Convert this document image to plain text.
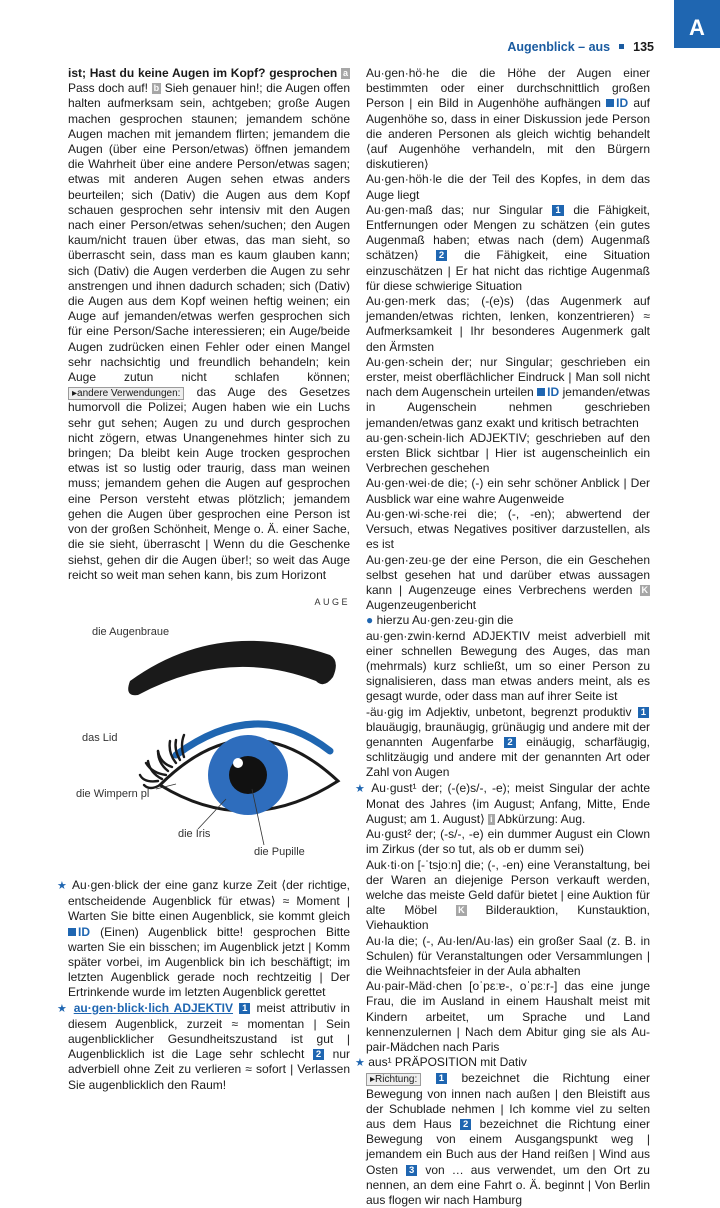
Augenblick – aus 135
A
ist; Hast du keine Augen im Kopf? gesprochen a Pass doch auf! b Sieh genauer hin!; die Augen offen halten aufmerksam sein, achtgeben; große Augen machen gesprochen staunen; jemandem schöne Augen machen mit jemandem flirten; jemandem die Augen (über eine Person/etwas) öffnen jemandem die Wahrheit über eine andere Person/etwas sagen; etwas mit anderen Augen sehen etwas anders beurteilen; sich (Dativ) die Augen aus dem Kopf schauen gesprochen sehr intensiv mit den Augen nach einer Person/etwas sehen/suchen; den Augen kaum/nicht trauen über etwas, das man sieht, so überrascht sein, dass man es kaum glauben kann; sich (Dativ) die Augen verderben die Augen zu sehr anstrengen und ihnen dadurch schaden; sich (Dativ) die Augen aus dem Kopf weinen heftig weinen; ein Auge auf jemanden/etwas werfen gesprochen sich für eine Person/Sache interessieren; ein Auge/beide Augen zudrücken einen Fehler oder einen Mangel sehr nachsichtig und freundlich behandeln; kein Auge zutun nicht schlafen können; ▸andere Verwendungen: das Auge des Gesetzes humorvoll die Polizei; Augen haben wie ein Luchs sehr gut sehen; Augen zu und durch gesprochen nicht zögern, etwas Unangenehmes hinter sich zu bringen; Da bleibt kein Auge trocken gesprochen etwas ist so lustig oder traurig, dass man weinen muss; jemandem gehen die Augen auf gesprochen eine Person versteht etwas plötzlich; jemandem gehen die Augen über gesprochen eine Person ist von der großen Schönheit, Menge o. Ä. einer Sache, die sie sieht, überrascht | Wenn du die Geschenke siehst, gehen dir die Augen über!; so weit das Auge reicht so weit man sehen kann, bis zum Horizont
AUGE
die Augenbraue
das Lid
die Wimpern pl
die Iris
die Pupille
★ Au·gen·blick der eine ganz kurze Zeit ⟨der richtige, entscheidende Augenblick für etwas⟩ ≈ Moment | Warten Sie bitte einen Augenblick, sie kommt gleich ID (Einen) Augenblick bitte! gesprochen Bitte warten Sie ein bisschen; im Augenblick jetzt | Komm später vorbei, im Augenblick bin ich beschäftigt; im letzten Augenblick gerade noch rechtzeitig | Der Ertrinkende wurde im letzten Augenblick gerettet
★ au·gen·blick·lich ADJEKTIV 1 meist attributiv in diesem Augenblick, zurzeit ≈ momentan | Sein augenblicklicher Gesundheitszustand ist gut | Augenblicklich ist die Lage sehr schlecht 2 nur adverbiell ohne Zeit zu verlieren ≈ sofort | Verlassen Sie augenblicklich den Raum!
Au·gen·hö·he die die Höhe der Augen einer bestimmten oder einer durchschnittlich großen Person | ein Bild in Augenhöhe aufhängen ID auf Augenhöhe so, dass in einer Diskussion jede Person die anderen Personen als gleich wichtig behandelt ⟨auf Augenhöhe verhandeln, mit den Bürgern diskutieren⟩
Au·gen·höh·le die der Teil des Kopfes, in dem das Auge liegt
Au·gen·maß das; nur Singular 1 die Fähigkeit, Entfernungen oder Mengen zu schätzen ⟨ein gutes Augenmaß haben; etwas nach (dem) Augenmaß schätzen⟩ 2 die Fähigkeit, eine Situation einzuschätzen | Er hat nicht das richtige Augenmaß für diese schwierige Situation
Au·gen·merk das; (-(e)s) ⟨das Augenmerk auf jemanden/etwas richten, lenken, konzentrieren⟩ ≈ Aufmerksamkeit | Ihr besonderes Augenmerk galt den Ärmsten
Au·gen·schein der; nur Singular; geschrieben ein erster, meist oberflächlicher Eindruck | Man soll nicht nach dem Augenschein urteilen ID jemanden/etwas in Augenschein nehmen geschrieben jemanden/etwas ganz exakt und kritisch betrachten
au·gen·schein·lich ADJEKTIV; geschrieben auf den ersten Blick sichtbar | Hier ist augenscheinlich ein Verbrechen geschehen
Au·gen·wei·de die; (-) ein sehr schöner Anblick | Der Ausblick war eine wahre Augenweide
Au·gen·wi·sche·rei die; (-, -en); abwertend der Versuch, etwas Negatives positiver darzustellen, als es ist
Au·gen·zeu·ge der eine Person, die ein Geschehen selbst gesehen hat und darüber etwas aussagen kann | Augenzeuge eines Verbrechens werden K Augenzeugenbericht
● hierzu Au·gen·zeu·gin die
au·gen·zwin·kernd ADJEKTIV meist adverbiell mit einer schnellen Bewegung des Auges, das man (mehrmals) kurz schließt, um so einer Person zu signalisieren, dass man etwas anders meint, als es gesagt wurde, oder dass man auf ihrer Seite ist
-äu·gig im Adjektiv, unbetont, begrenzt produktiv 1 blauäugig, braunäugig, grünäugig und andere mit der genannten Augenfarbe 2 einäugig, scharfäugig, schlitzäugig und andere mit der genannten Art oder Zahl von Augen
★ Au·gust¹ der; (-(e)s/-, -e); meist Singular der achte Monat des Jahres ⟨im August; Anfang, Mitte, Ende August; am 1. August⟩ i Abkürzung: Aug.
Au·gust² der; (-s/-, -e) ein dummer August ein Clown im Zirkus (der so tut, als ob er dumm sei)
Auk·ti·on [-ˈtsi̯oːn] die; (-, -en) eine Veranstaltung, bei der Waren an diejenige Person verkauft werden, welche das meiste Geld dafür bietet | eine Auktion für alte Möbel K Bilderauktion, Kunstauktion, Viehauktion
Au·la die; (-, Au·len/Au·las) ein großer Saal (z. B. in Schulen) für Veranstaltungen oder Versammlungen | die Weihnachtsfeier in der Aula abhalten
Au·pair-Mäd·chen [oˈpɛːɐ-, oˈpɛːr-] das eine junge Frau, die im Ausland in einem Haushalt meist mit Kindern arbeitet, um Sprache und Land kennenzulernen | Nach dem Abitur ging sie als Au-pair-Mädchen nach Paris
★ aus¹ PRÄPOSITION mit Dativ
▸Richtung: 1 bezeichnet die Richtung einer Bewegung von innen nach außen | den Bleistift aus der Schublade nehmen | Ich komme viel zu selten aus dem Haus 2 bezeichnet die Richtung einer Bewegung von einem Ausgangspunkt weg | jemandem ein Buch aus der Hand reißen | Wind aus Osten 3 von … aus verwendet, um den Ort zu nennen, an dem eine Fahrt o. Ä. beginnt | Von Berlin aus flogen wir nach Hamburg
